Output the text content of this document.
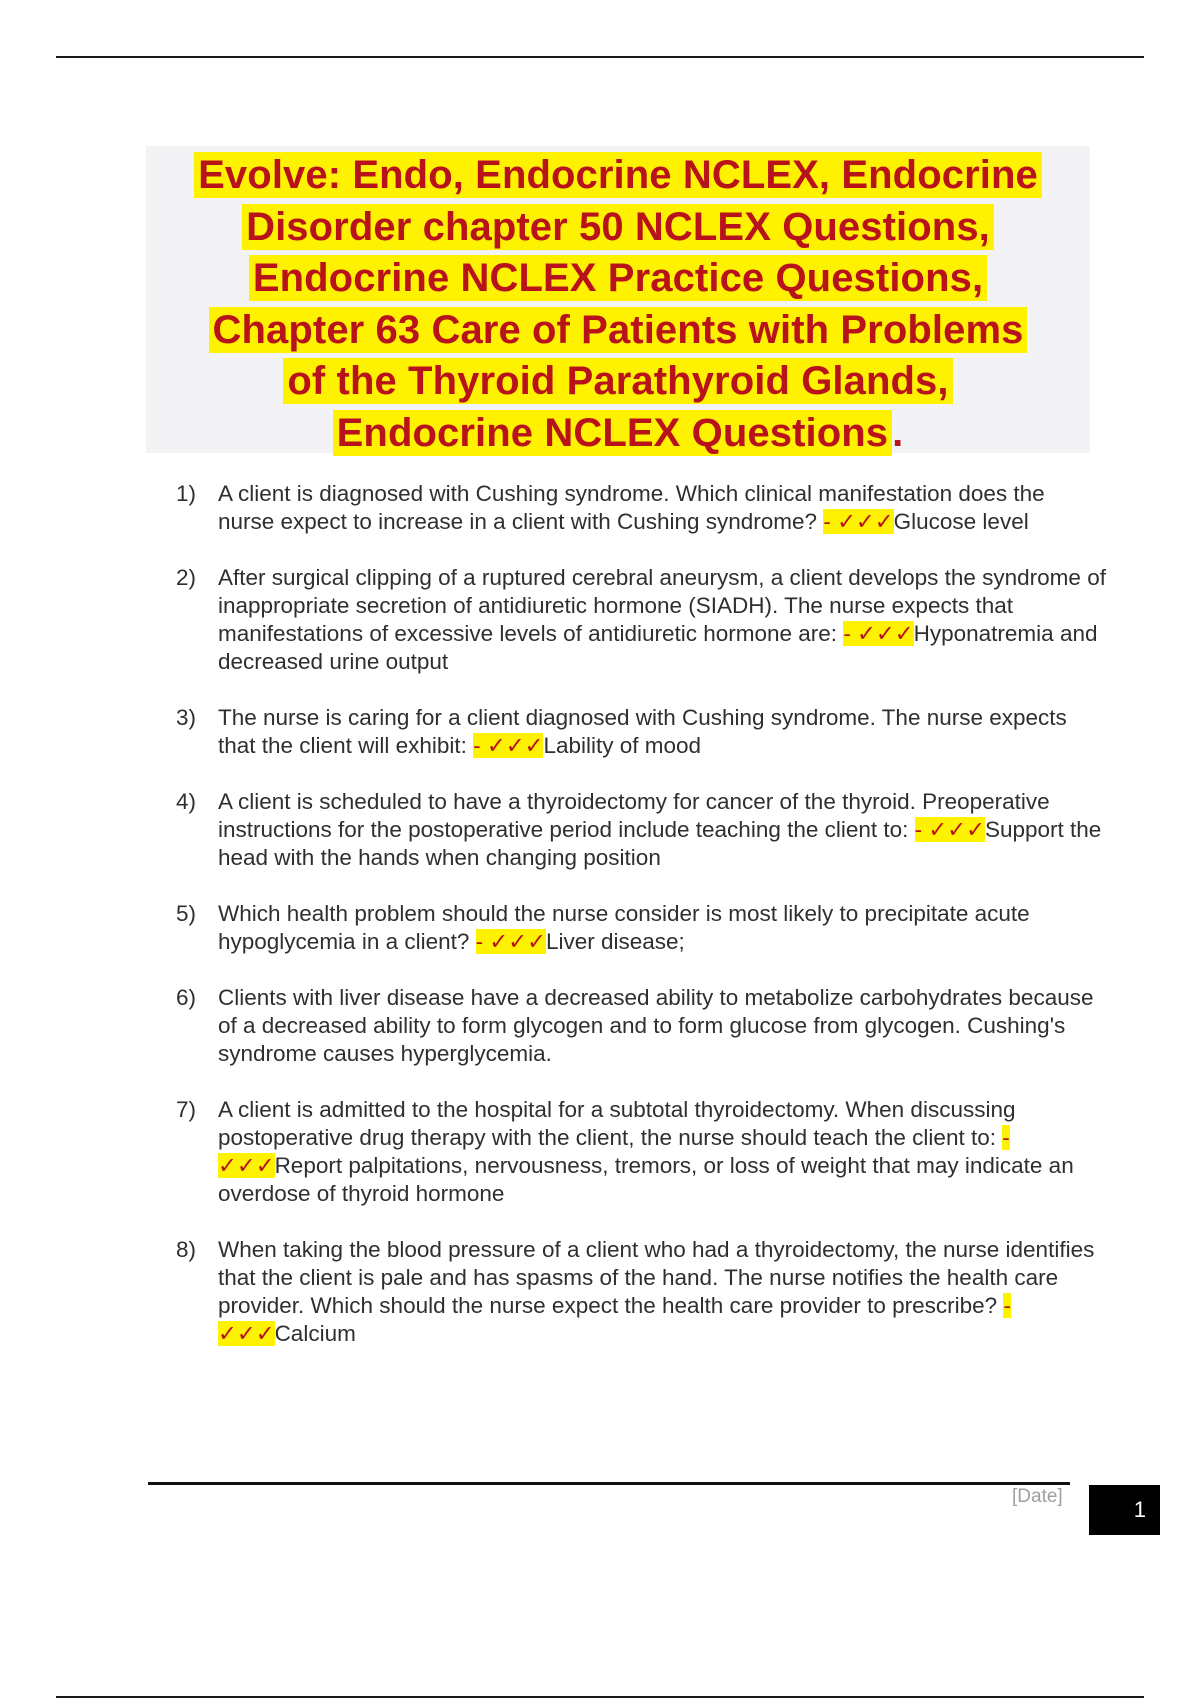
Evolve: Endo, Endocrine NCLEX, Endocrine
Disorder chapter 50 NCLEX Questions,
Endocrine NCLEX Practice Questions,
Chapter 63 Care of Patients with Problems
of the Thyroid Parathyroid Glands,
Endocrine NCLEX Questions .
1) A client is diagnosed with Cushing syndrome. Which clinical manifestation does the nurse expect to increase in a client with Cushing syndrome? - ✓✓✓Glucose level
2) After surgical clipping of a ruptured cerebral aneurysm, a client develops the syndrome of inappropriate secretion of antidiuretic hormone (SIADH). The nurse expects that manifestations of excessive levels of antidiuretic hormone are: - ✓✓✓Hyponatremia and decreased urine output
3) The nurse is caring for a client diagnosed with Cushing syndrome. The nurse expects that the client will exhibit: - ✓✓✓Lability of mood
4) A client is scheduled to have a thyroidectomy for cancer of the thyroid. Preoperative instructions for the postoperative period include teaching the client to: - ✓✓✓Support the head with the hands when changing position
5) Which health problem should the nurse consider is most likely to precipitate acute hypoglycemia in a client? - ✓✓✓Liver disease;
6) Clients with liver disease have a decreased ability to metabolize carbohydrates because of a decreased ability to form glycogen and to form glucose from glycogen. Cushing's syndrome causes hyperglycemia.
7) A client is admitted to the hospital for a subtotal thyroidectomy. When discussing postoperative drug therapy with the client, the nurse should teach the client to: - ✓✓✓Report palpitations, nervousness, tremors, or loss of weight that may indicate an overdose of thyroid hormone
8) When taking the blood pressure of a client who had a thyroidectomy, the nurse identifies that the client is pale and has spasms of the hand. The nurse notifies the health care provider. Which should the nurse expect the health care provider to prescribe? - ✓✓✓Calcium
[Date]
1
